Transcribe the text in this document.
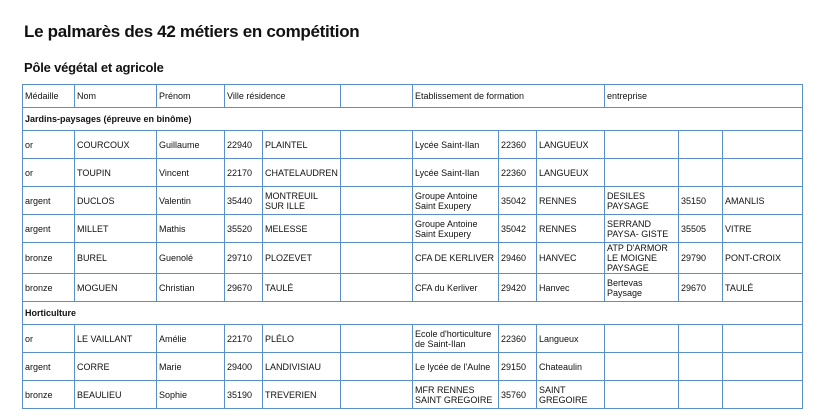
Le palmarès des 42 métiers en compétition
Pôle végétal et agricole
Médaille	Nom	Prénom	Ville résidence			Etablissement de formation			entreprise		
Jardins-paysages (épreuve en binôme)											
or	COURCOUX	Guillaume	22940	PLAINTEL		Lycée Saint-Ilan	22360	LANGUEUX			
or	TOUPIN	Vincent	22170	CHATELAUDREN		Lycée Saint-Ilan	22360	LANGUEUX			
argent	DUCLOS	Valentin	35440	MONTREUIL SUR ILLE		Groupe Antoine Saint Exupery	35042	RENNES	DESILES PAYSAGE	35150	AMANLIS
argent	MILLET	Mathis	35520	MELESSE		Groupe Antoine Saint Exupery	35042	RENNES	SERRAND PAYSA- GISTE	35505	VITRE
bronze	BUREL	Guenolé	29710	PLOZEVET		CFA DE KERLIVER	29460	HANVEC	ATP D'ARMOR LE MOIGNE PAYSAGE	29790	PONT-CROIX
bronze	MOGUEN	Christian	29670	TAULÉ		CFA du Kerliver	29420	Hanvec	Bertevas Paysage	29670	TAULÉ
Horticulture											
or	LE VAILLANT	Amélie	22170	PLÉLO		Ecole d'horticulture de Saint-Ilan	22360	Langueux			
argent	CORRE	Marie	29400	LANDIVISIAU		Le lycée de l'Aulne	29150	Chateaulin			
bronze	BEAULIEU	Sophie	35190	TREVERIEN		MFR RENNES SAINT GREGOIRE	35760	SAINT GREGOIRE			
